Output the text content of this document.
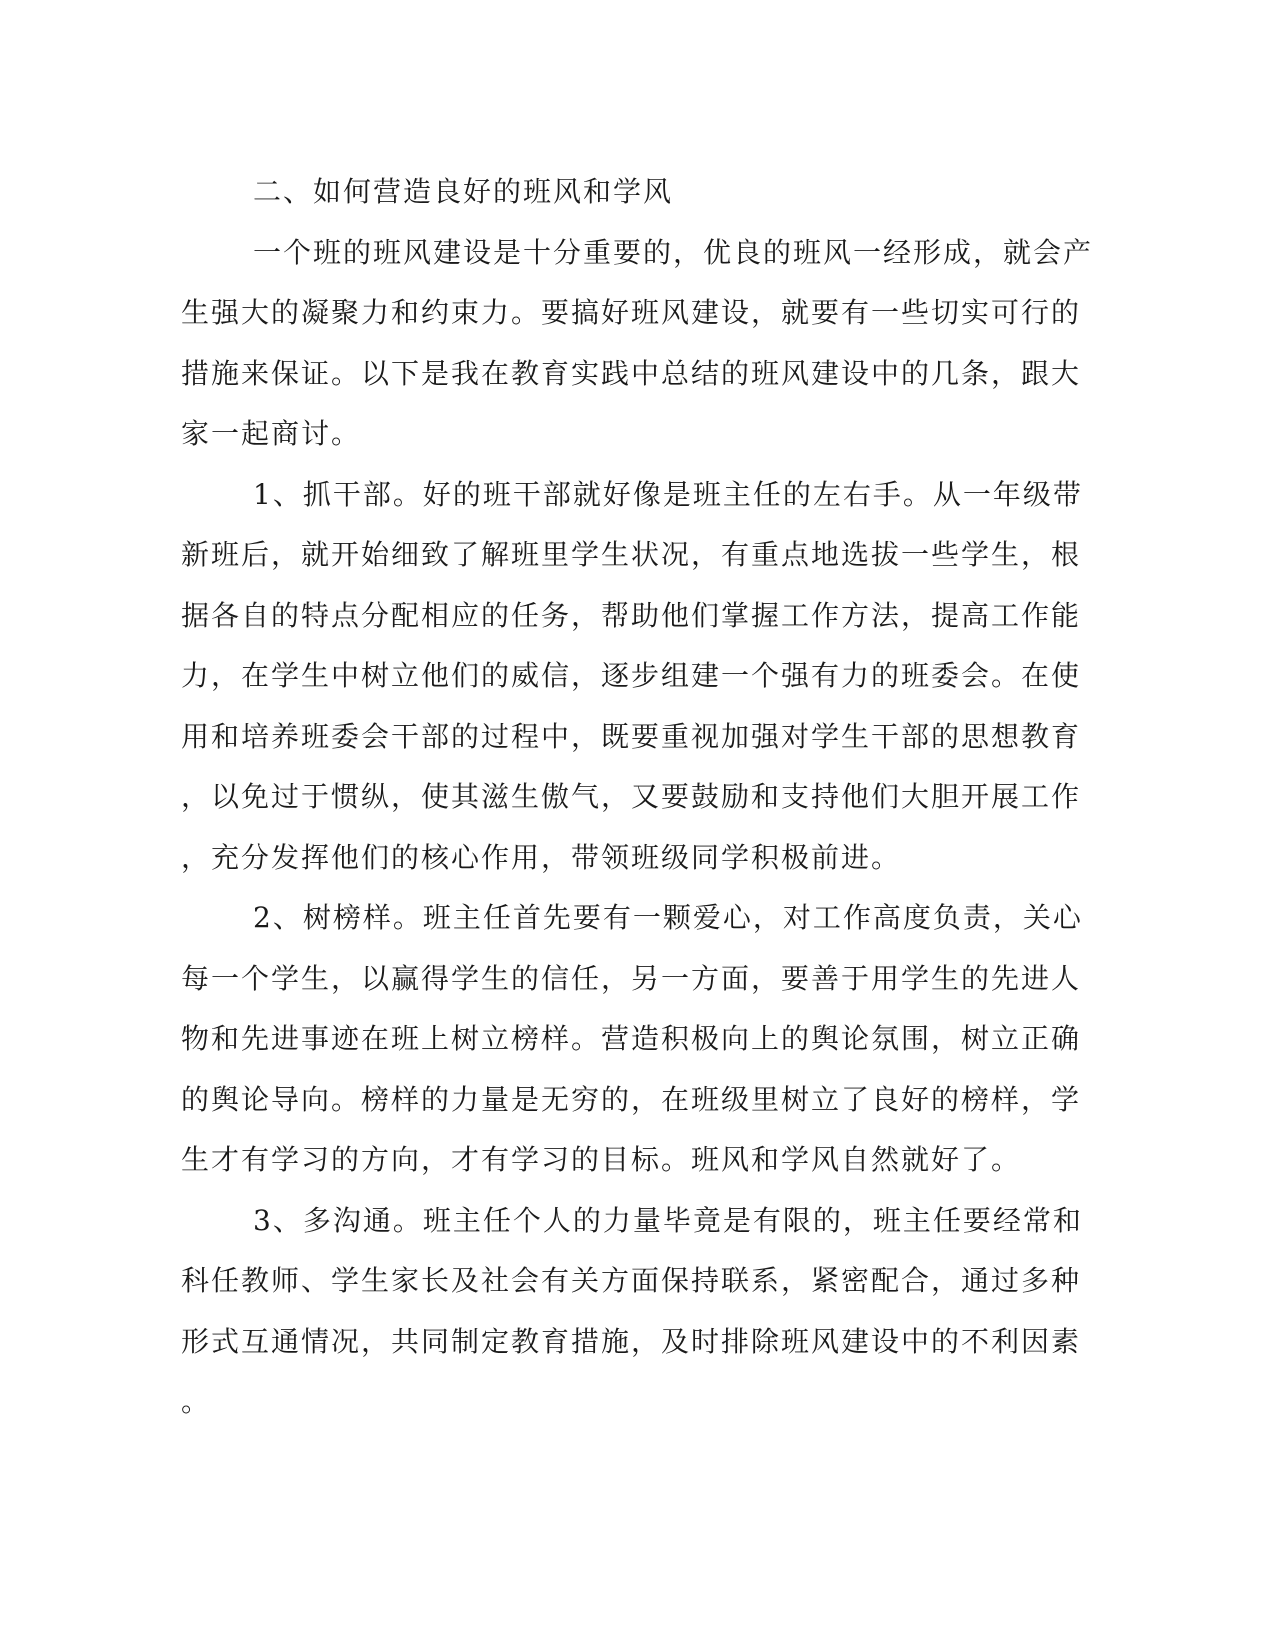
二、如何营造良好的班风和学风
一个班的班风建设是十分重要的，优良的班风一经形成，就会产
生强大的凝聚力和约束力。要搞好班风建设，就要有一些切实可行的
措施来保证。以下是我在教育实践中总结的班风建设中的几条，跟大
家一起商讨。
1、抓干部。好的班干部就好像是班主任的左右手。从一年级带
新班后，就开始细致了解班里学生状况，有重点地选拔一些学生，根
据各自的特点分配相应的任务，帮助他们掌握工作方法，提高工作能
力，在学生中树立他们的威信，逐步组建一个强有力的班委会。在使
用和培养班委会干部的过程中，既要重视加强对学生干部的思想教育
，以免过于惯纵，使其滋生傲气，又要鼓励和支持他们大胆开展工作
，充分发挥他们的核心作用，带领班级同学积极前进。
2、树榜样。班主任首先要有一颗爱心，对工作高度负责，关心
每一个学生，以赢得学生的信任，另一方面，要善于用学生的先进人
物和先进事迹在班上树立榜样。营造积极向上的舆论氛围，树立正确
的舆论导向。榜样的力量是无穷的，在班级里树立了良好的榜样，学
生才有学习的方向，才有学习的目标。班风和学风自然就好了。
3、多沟通。班主任个人的力量毕竟是有限的，班主任要经常和
科任教师、学生家长及社会有关方面保持联系，紧密配合，通过多种
形式互通情况，共同制定教育措施，及时排除班风建设中的不利因素
。
